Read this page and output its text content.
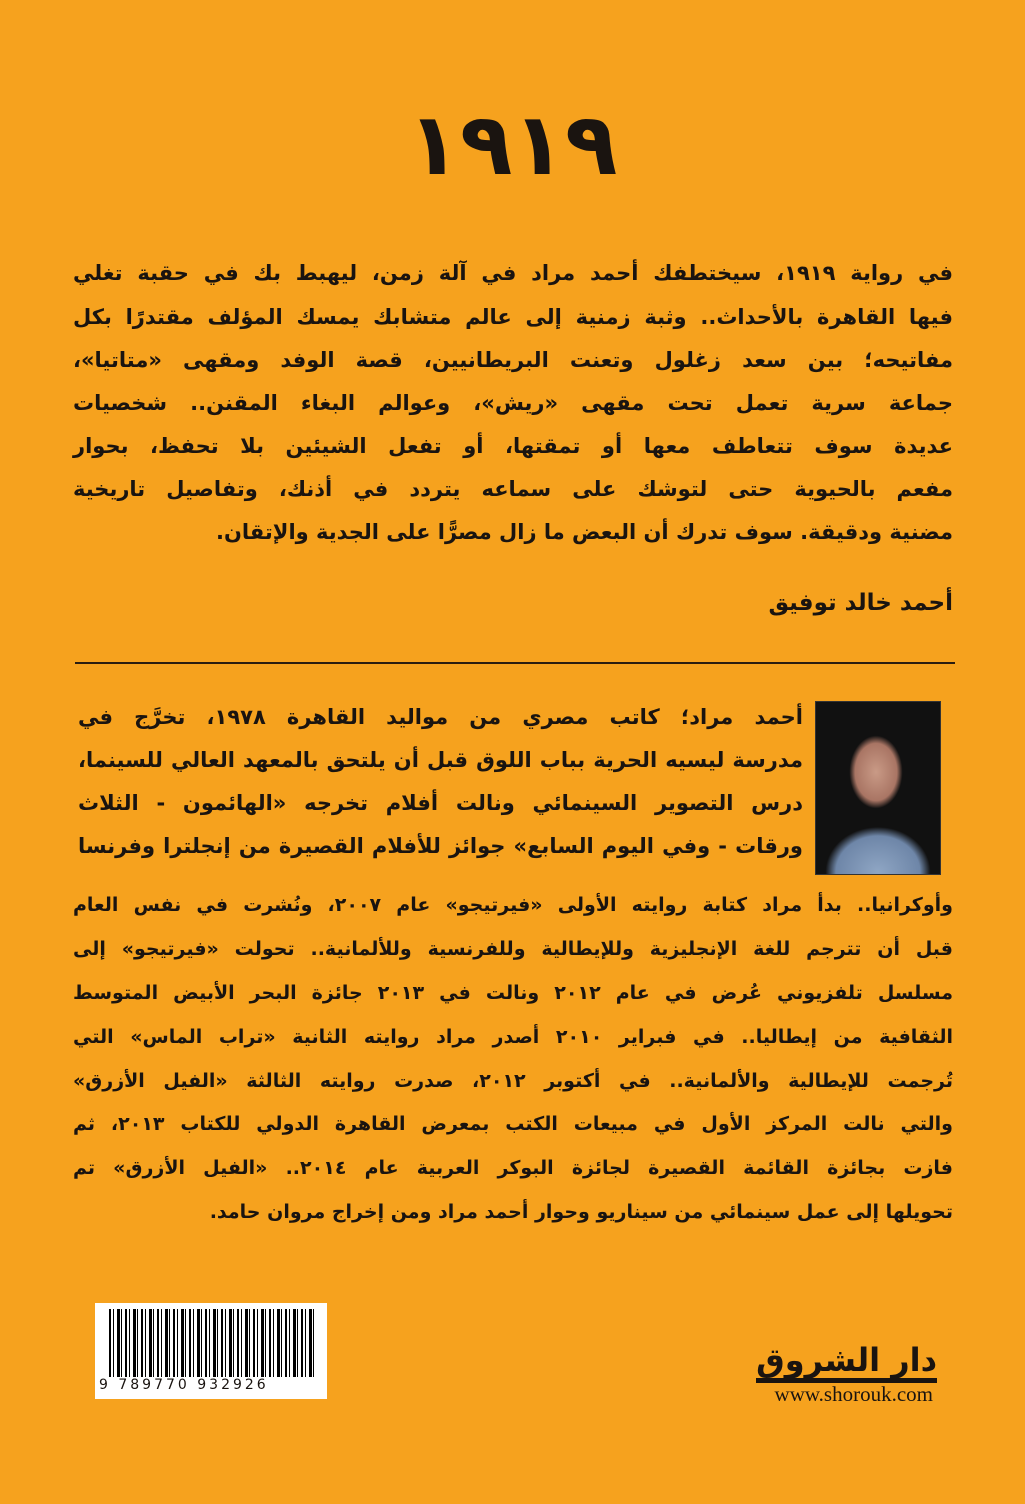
١٩١٩
في رواية ١٩١٩، سيختطفك أحمد مراد في آلة زمن، ليهبط بك في حقبة تغلي
فيها القاهرة بالأحداث.. وثبة زمنية إلى عالم متشابك يمسك المؤلف مقتدرًا بكل
مفاتيحه؛ بين سعد زغلول وتعنت البريطانيين، قصة الوفد ومقهى «متاتيا»،
جماعة سرية تعمل تحت مقهى «ريش»، وعوالم البغاء المقنن.. شخصيات
عديدة سوف تتعاطف معها أو تمقتها، أو تفعل الشيئين بلا تحفظ، بحوار
مفعم بالحيوية حتى لتوشك على سماعه يتردد في أذنك، وتفاصيل تاريخية
مضنية ودقيقة. سوف تدرك أن البعض ما زال مصرًّا على الجدية والإتقان.
أحمد خالد توفيق
أحمد مراد؛ كاتب مصري من مواليد القاهرة ١٩٧٨، تخرَّج في
مدرسة ليسيه الحرية بباب اللوق قبل أن يلتحق بالمعهد العالي للسينما،
درس التصوير السينمائي ونالت أفلام تخرجه «الهائمون - الثلاث
ورقات - وفي اليوم السابع» جوائز للأفلام القصيرة من إنجلترا وفرنسا
وأوكرانيا.. بدأ مراد كتابة روايته الأولى «فيرتيجو» عام ٢٠٠٧، ونُشرت في نفس العام
قبل أن تترجم للغة الإنجليزية وللإيطالية وللفرنسية وللألمانية.. تحولت «فيرتيجو» إلى
مسلسل تلفزيوني عُرض في عام ٢٠١٢ ونالت في ٢٠١٣ جائزة البحر الأبيض المتوسط
الثقافية من إيطاليا.. في فبراير ٢٠١٠ أصدر مراد روايته الثانية «تراب الماس» التي
تُرجمت للإيطالية والألمانية.. في أكتوبر ٢٠١٢، صدرت روايته الثالثة «الفيل الأزرق»
والتي نالت المركز الأول في مبيعات الكتب بمعرض القاهرة الدولي للكتاب ٢٠١٣، ثم
فازت بجائزة القائمة القصيرة لجائزة البوكر العربية عام ٢٠١٤.. «الفيل الأزرق» تم
تحويلها إلى عمل سينمائي من سيناريو وحوار أحمد مراد ومن إخراج مروان حامد.
9 789770 932926
دار الشروق
www.shorouk.com
